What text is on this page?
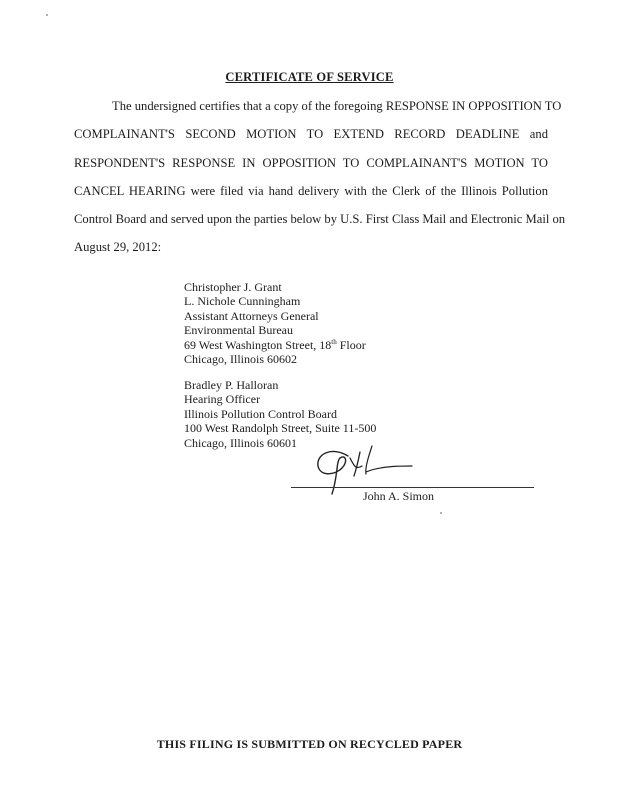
CERTIFICATE OF SERVICE
The undersigned certifies that a copy of the foregoing RESPONSE IN OPPOSITION TO
COMPLAINANT'S SECOND MOTION TO EXTEND RECORD DEADLINE and
RESPONDENT'S RESPONSE IN OPPOSITION TO COMPLAINANT'S MOTION TO
CANCEL HEARING were filed via hand delivery with the Clerk of the Illinois Pollution
Control Board and served upon the parties below by U.S. First Class Mail and Electronic Mail on
August 29, 2012:
Christopher J. Grant
L. Nichole Cunningham
Assistant Attorneys General
Environmental Bureau
69 West Washington Street, 18th Floor
Chicago, Illinois 60602
Bradley P. Halloran
Hearing Officer
Illinois Pollution Control Board
100 West Randolph Street, Suite 11-500
Chicago, Illinois 60601
John A. Simon
THIS FILING IS SUBMITTED ON RECYCLED PAPER
